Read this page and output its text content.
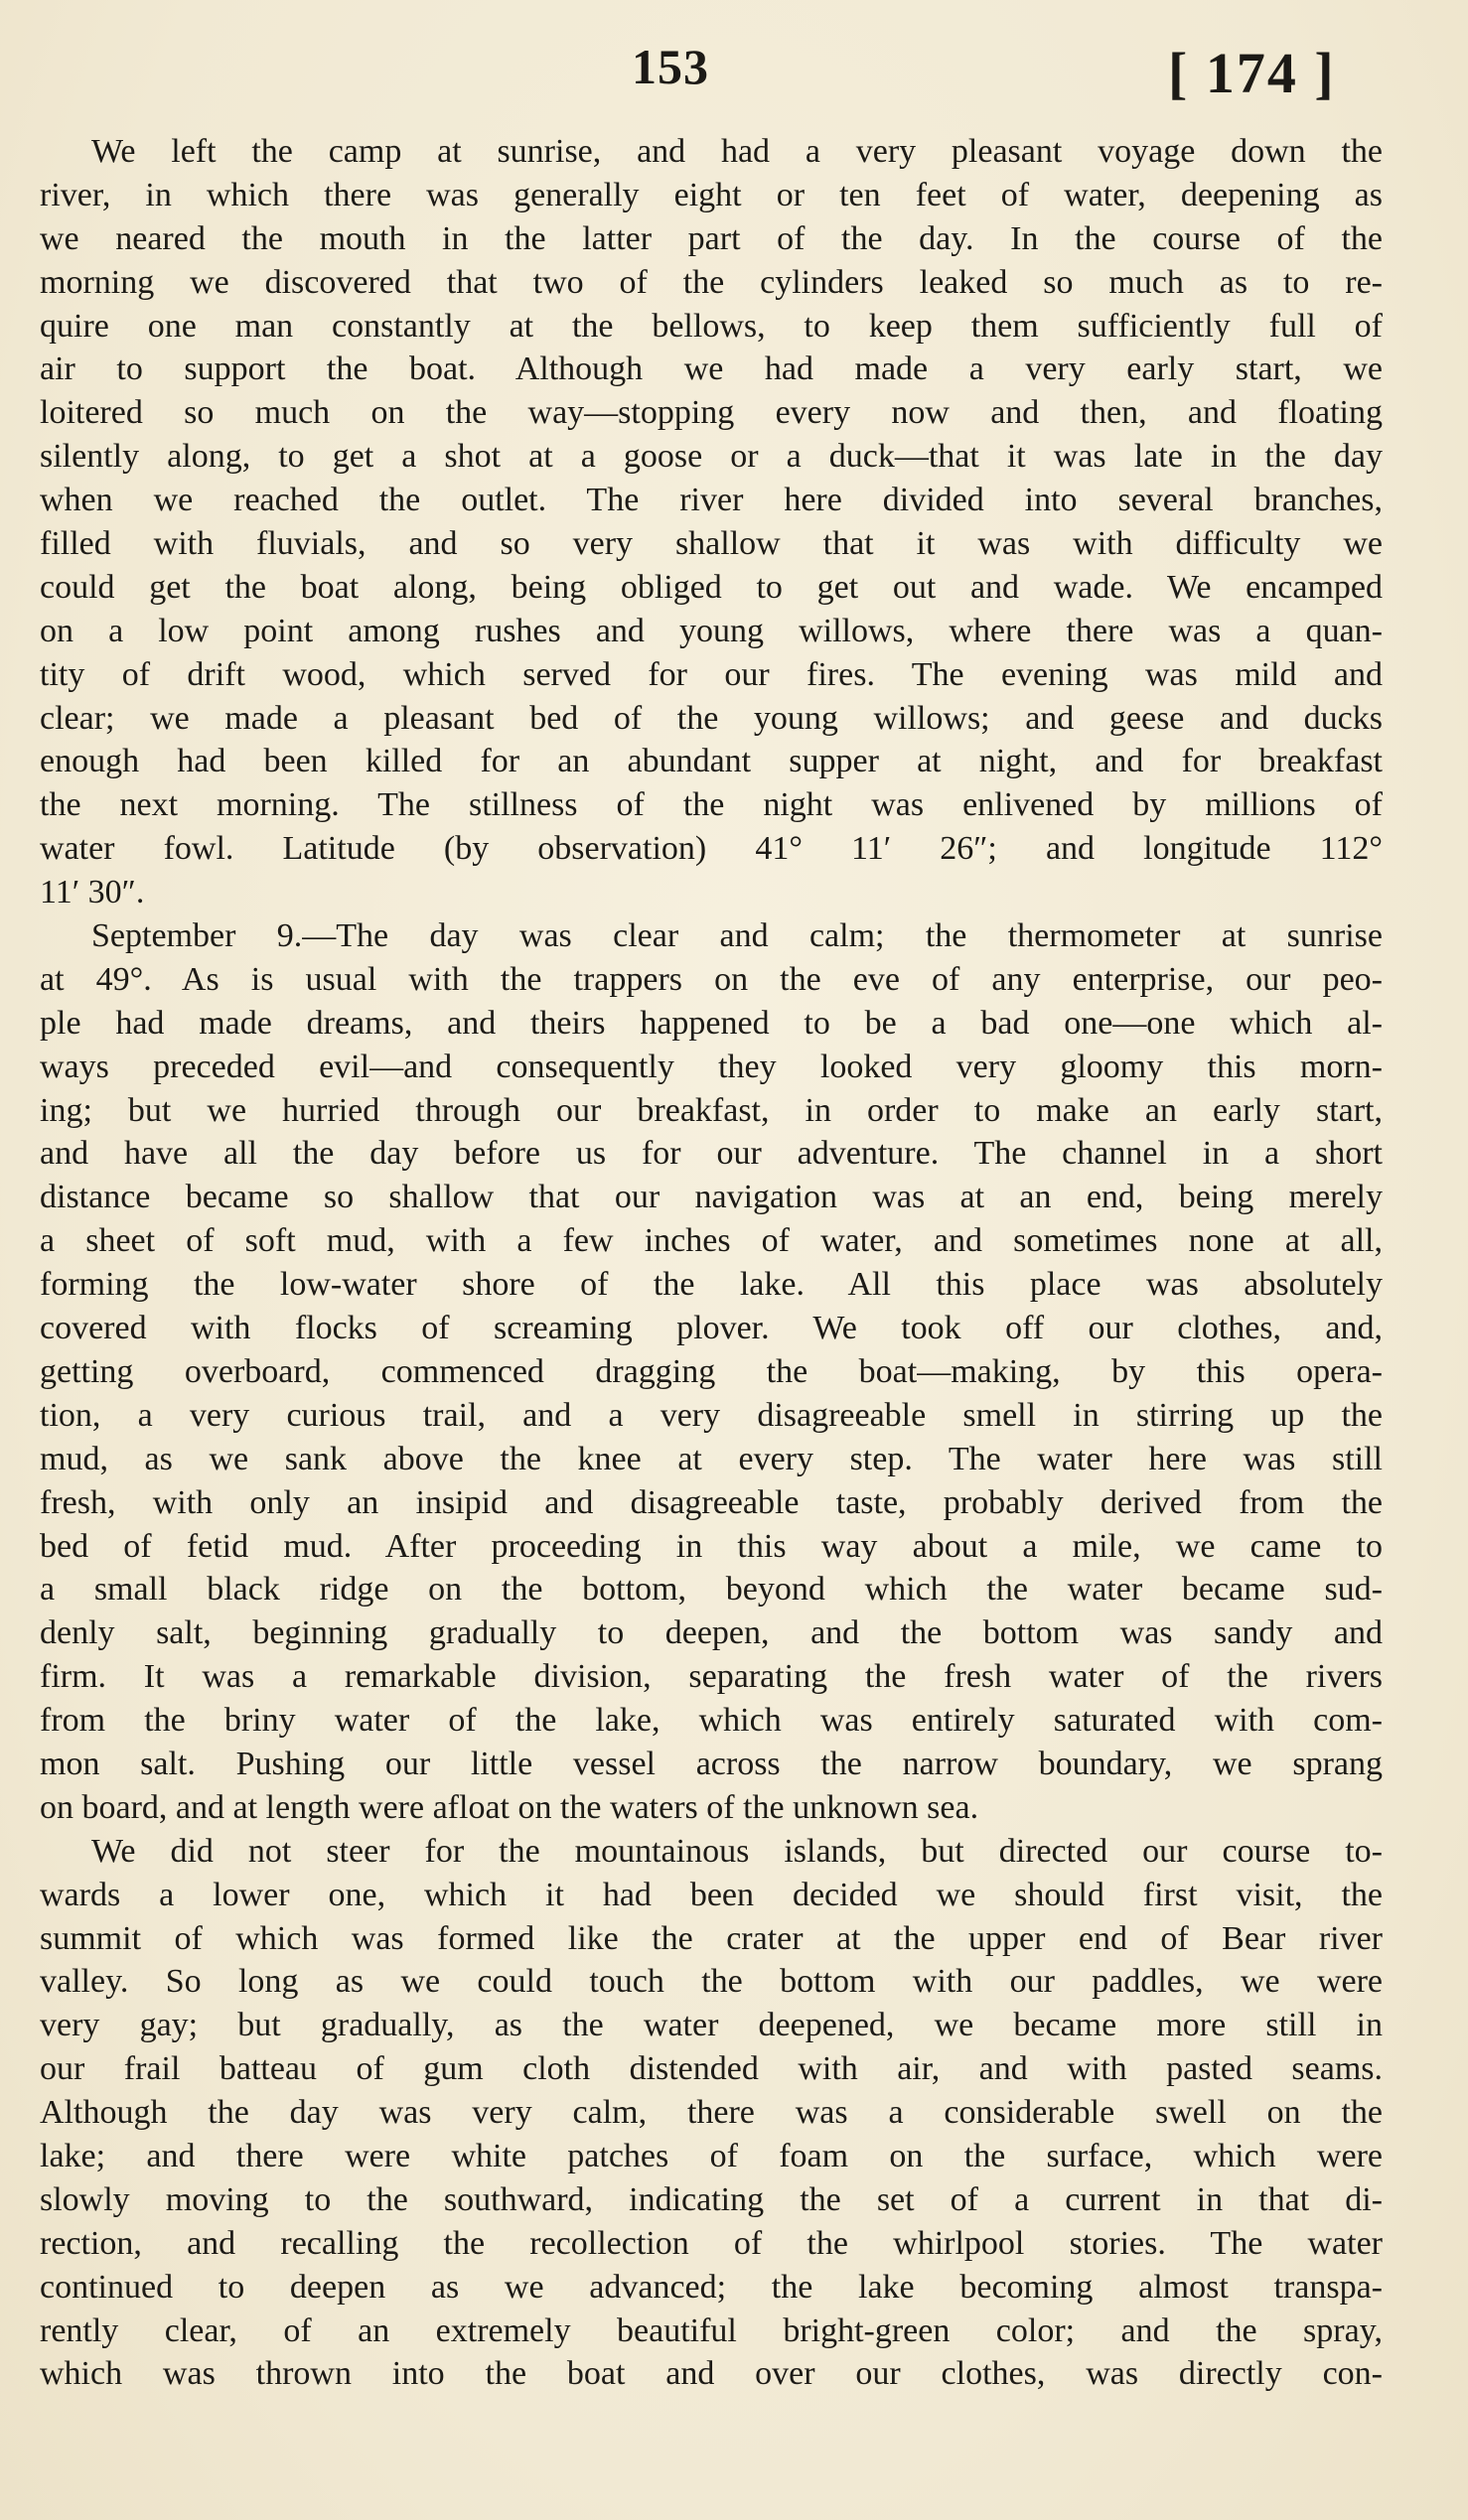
153	[ 174 ]
We left the camp at sunrise, and had a very pleasant voyage down the
river, in which there was generally eight or ten feet of water, deepening as
we neared the mouth in the latter part of the day. In the course of the
morning we discovered that two of the cylinders leaked so much as to re-
quire one man constantly at the bellows, to keep them sufficiently full of
air to support the boat. Although we had made a very early start, we
loitered so much on the way—stopping every now and then, and floating
silently along, to get a shot at a goose or a duck—that it was late in the day
when we reached the outlet. The river here divided into several branches,
filled with fluvials, and so very shallow that it was with difficulty we
could get the boat along, being obliged to get out and wade. We encamped
on a low point among rushes and young willows, where there was a quan-
tity of drift wood, which served for our fires. The evening was mild and
clear; we made a pleasant bed of the young willows; and geese and ducks
enough had been killed for an abundant supper at night, and for breakfast
the next morning. The stillness of the night was enlivened by millions of
water fowl. Latitude (by observation) 41° 11′ 26″; and longitude 112°
11′ 30″.
September 9.—The day was clear and calm; the thermometer at sunrise
at 49°. As is usual with the trappers on the eve of any enterprise, our peo-
ple had made dreams, and theirs happened to be a bad one—one which al-
ways preceded evil—and consequently they looked very gloomy this morn-
ing; but we hurried through our breakfast, in order to make an early start,
and have all the day before us for our adventure. The channel in a short
distance became so shallow that our navigation was at an end, being merely
a sheet of soft mud, with a few inches of water, and sometimes none at all,
forming the low-water shore of the lake. All this place was absolutely
covered with flocks of screaming plover. We took off our clothes, and,
getting overboard, commenced dragging the boat—making, by this opera-
tion, a very curious trail, and a very disagreeable smell in stirring up the
mud, as we sank above the knee at every step. The water here was still
fresh, with only an insipid and disagreeable taste, probably derived from the
bed of fetid mud. After proceeding in this way about a mile, we came to
a small black ridge on the bottom, beyond which the water became sud-
denly salt, beginning gradually to deepen, and the bottom was sandy and
firm. It was a remarkable division, separating the fresh water of the rivers
from the briny water of the lake, which was entirely saturated with com-
mon salt. Pushing our little vessel across the narrow boundary, we sprang
on board, and at length were afloat on the waters of the unknown sea.
We did not steer for the mountainous islands, but directed our course to-
wards a lower one, which it had been decided we should first visit, the
summit of which was formed like the crater at the upper end of Bear river
valley. So long as we could touch the bottom with our paddles, we were
very gay; but gradually, as the water deepened, we became more still in
our frail batteau of gum cloth distended with air, and with pasted seams.
Although the day was very calm, there was a considerable swell on the
lake; and there were white patches of foam on the surface, which were
slowly moving to the southward, indicating the set of a current in that di-
rection, and recalling the recollection of the whirlpool stories. The water
continued to deepen as we advanced; the lake becoming almost transpa-
rently clear, of an extremely beautiful bright-green color; and the spray,
which was thrown into the boat and over our clothes, was directly con-
